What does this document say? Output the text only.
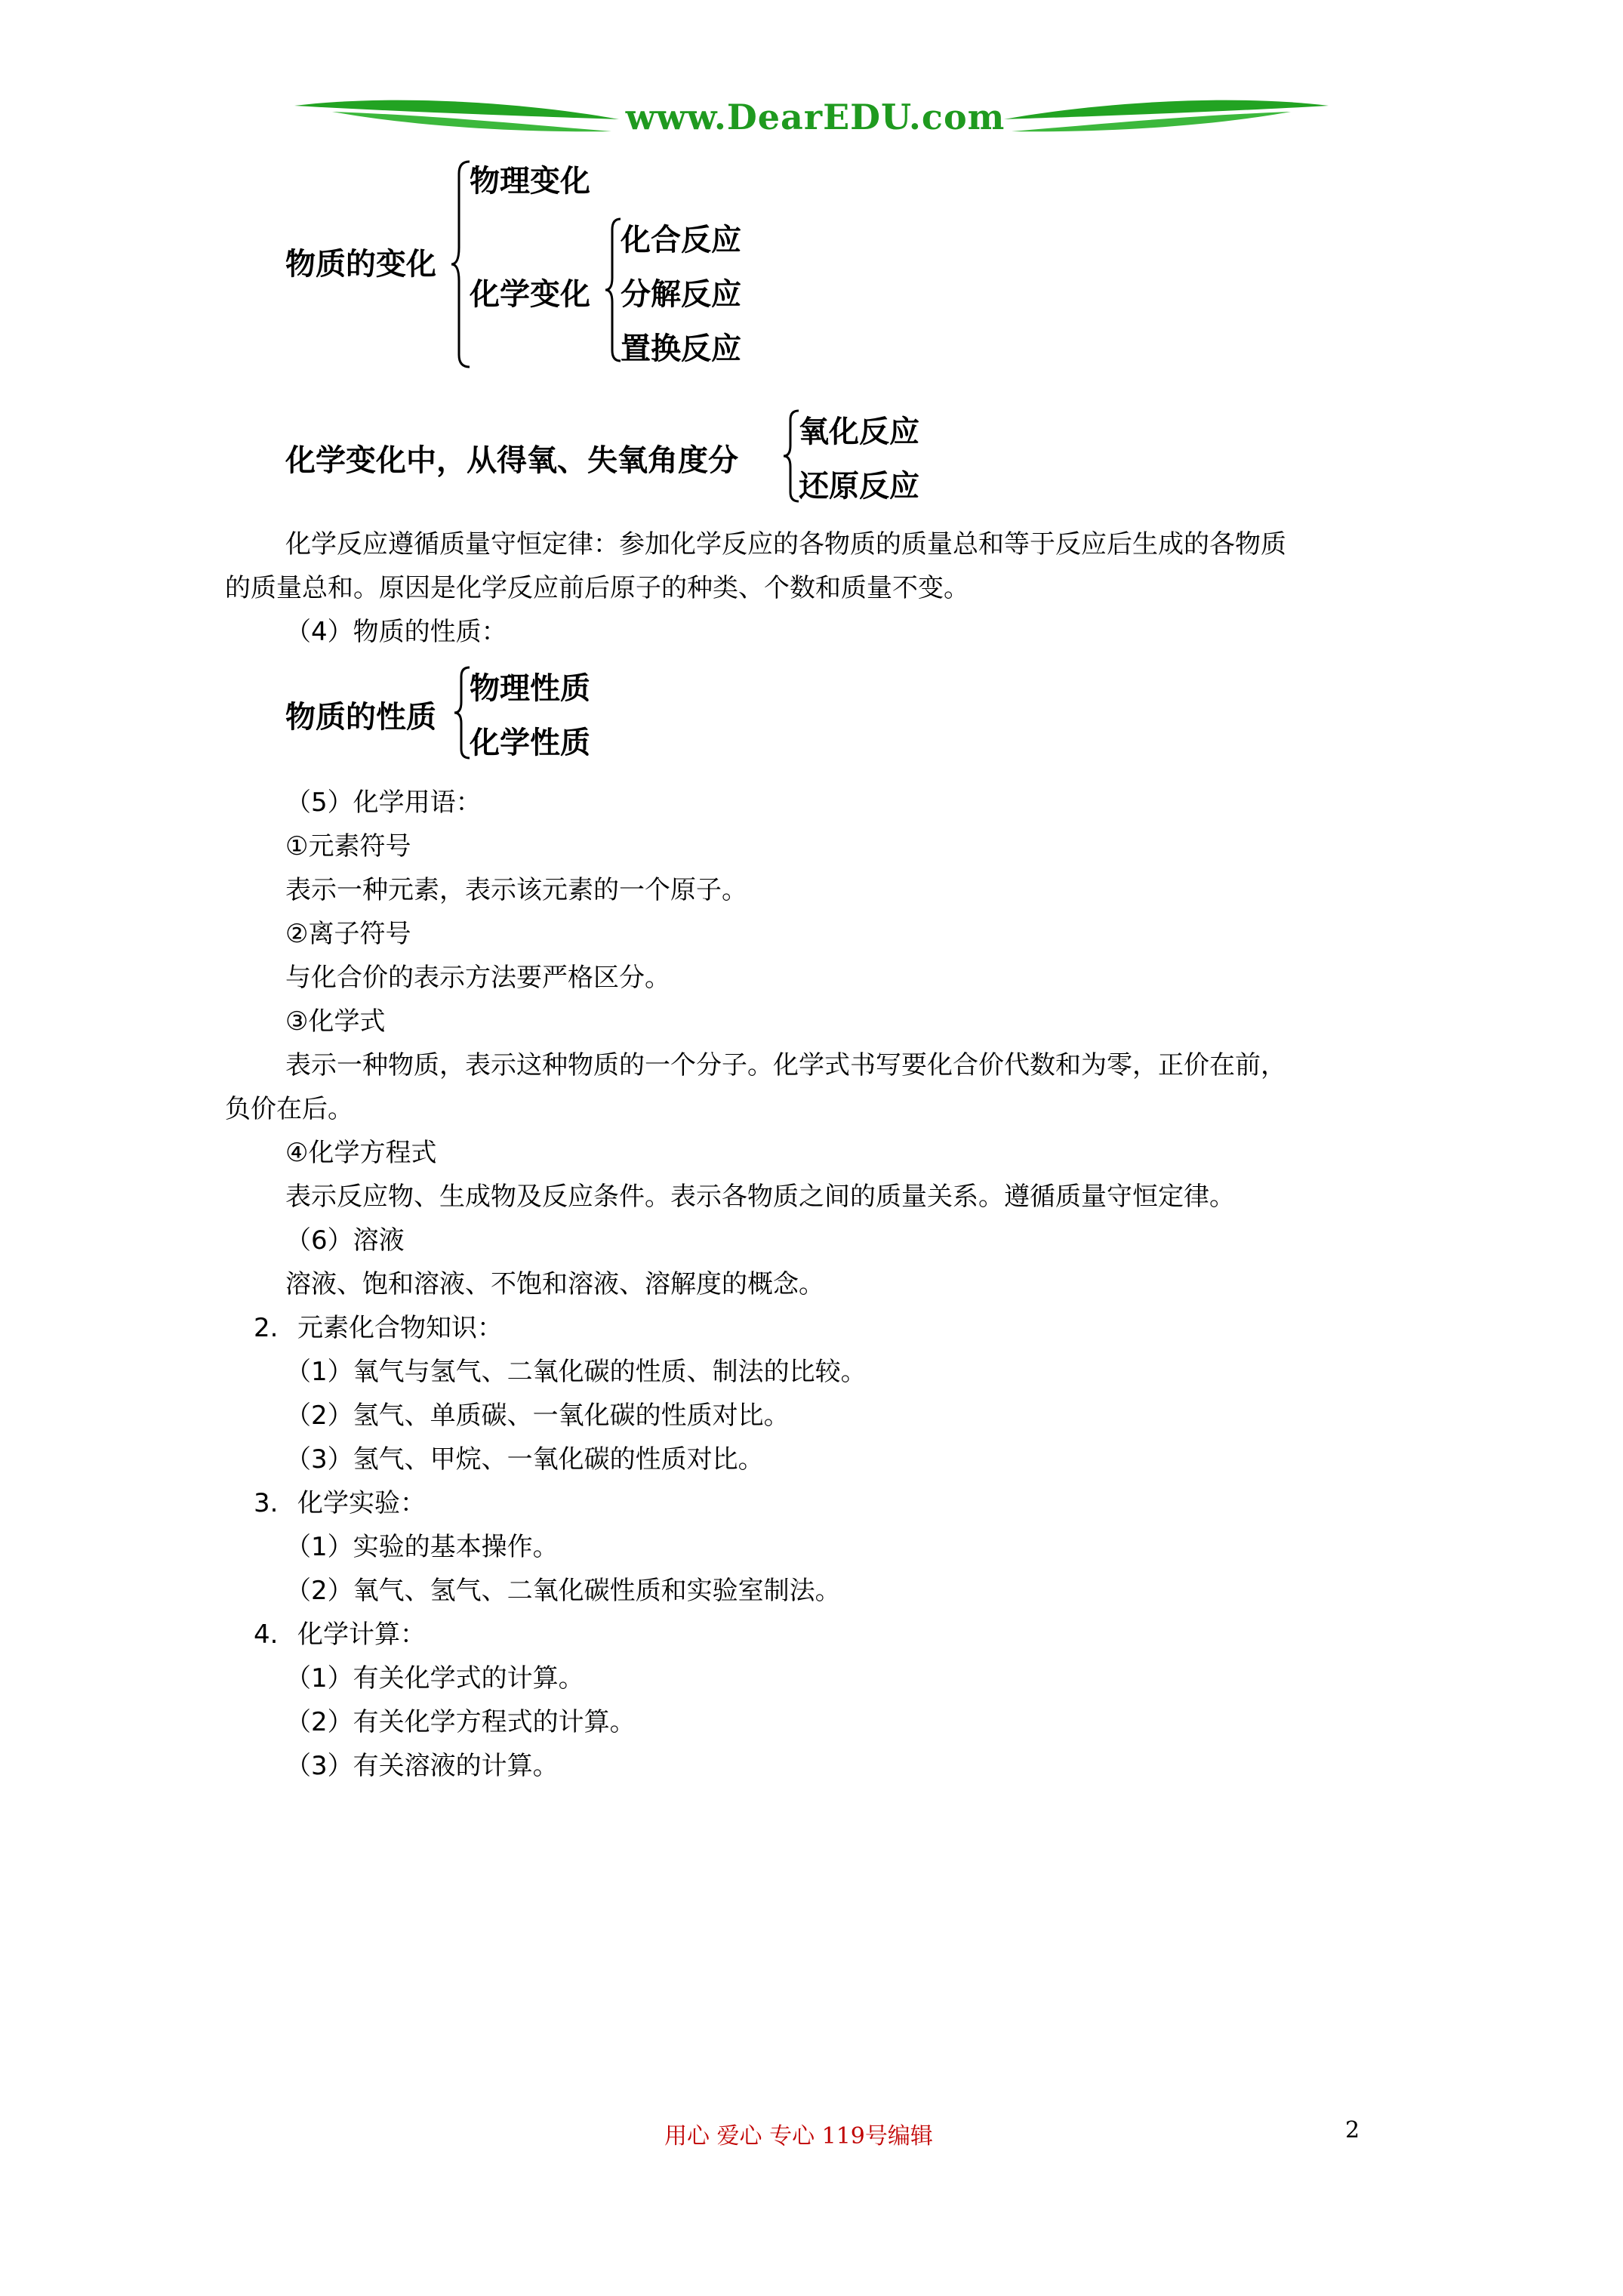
www.DearEDU.com
物质的变化
物理变化
化学变化
化合反应
分解反应
置换反应
化学变化中，从得氧、失氧角度分
氧化反应
还原反应
化学反应遵循质量守恒定律：参加化学反应的各物质的质量总和等于反应后生成的各物质
的质量总和。原因是化学反应前后原子的种类、个数和质量不变。
（4）物质的性质：
物质的性质
物理性质
化学性质
（5）化学用语：
①元素符号
表示一种元素，表示该元素的一个原子。
②离子符号
与化合价的表示方法要严格区分。
③化学式
表示一种物质，表示这种物质的一个分子。化学式书写要化合价代数和为零，正价在前，
负价在后。
④化学方程式
表示反应物、生成物及反应条件。表示各物质之间的质量关系。遵循质量守恒定律。
（6）溶液
溶液、饱和溶液、不饱和溶液、溶解度的概念。
2. 元素化合物知识：
（1）氧气与氢气、二氧化碳的性质、制法的比较。
（2）氢气、单质碳、一氧化碳的性质对比。
（3）氢气、甲烷、一氧化碳的性质对比。
3. 化学实验：
（1）实验的基本操作。
（2）氧气、氢气、二氧化碳性质和实验室制法。
4. 化学计算：
（1）有关化学式的计算。
（2）有关化学方程式的计算。
（3）有关溶液的计算。
用心 爱心 专心 119号编辑	2
